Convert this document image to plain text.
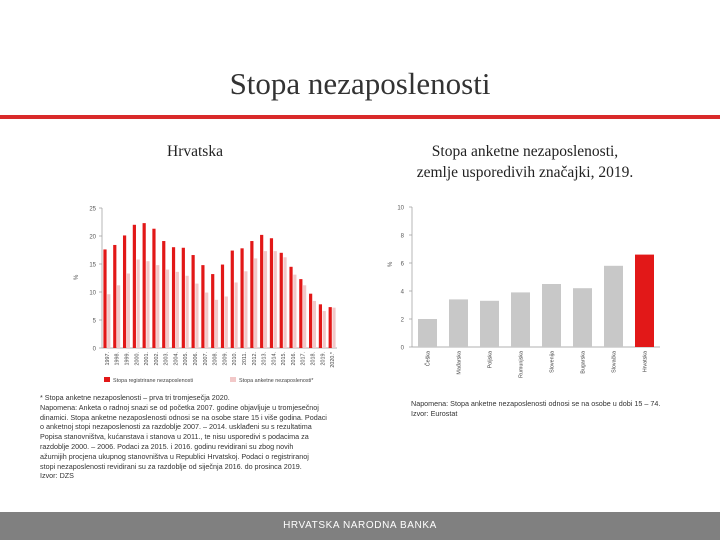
Stopa nezaposlenosti
Hrvatska	Stopa anketne nezaposlenosti,
zemlje usporedivih značajki, 2019.
0
5
10
15
20
25
%
1997. 1998. 1999. 2000. 2001. 2002. 2003. 2004. 2005. 2006. 2007. 2008. 2009. 2010. 2011. 2012. 2013. 2014. 2015. 2016. 2017. 2018. 2019. 2020.*
Stopa registrirane nezaposlenosti	Stopa anketne nezaposlenosti*
0
2
4
6
8
10
%
Češka	Mađarska	Poljska	Rumunjska	Slovenija	Bugarska	Slovačka	Hrvatska
* Stopa anketne nezaposlenosti – prva tri tromjesečja 2020.
Napomena: Anketa o radnoj snazi se od početka 2007. godine objavljuje u tromjesečnoj
dinamici. Stopa anketne nezaposlenosti odnosi se na osobe stare 15 i više godina. Podaci
o anketnoj stopi nezaposlenosti za razdoblje 2007. – 2014. usklađeni su s rezultatima
Popisa stanovništva, kućanstava i stanova u 2011., te nisu usporedivi s podacima za
razdoblje 2000. – 2006. Podaci za 2015. i 2016. godinu revidirani su zbog novih
ažurnijih procjena ukupnog stanovništva u Republici Hrvatskoj. Podaci o registriranoj
stopi nezaposlenosti revidirani su za razdoblje od siječnja 2016. do prosinca 2019.
Izvor: DZS
Napomena: Stopa anketne nezaposlenosti odnosi se na osobe u dobi 15 – 74.
Izvor: Eurostat
HRVATSKA NARODNA BANKA
